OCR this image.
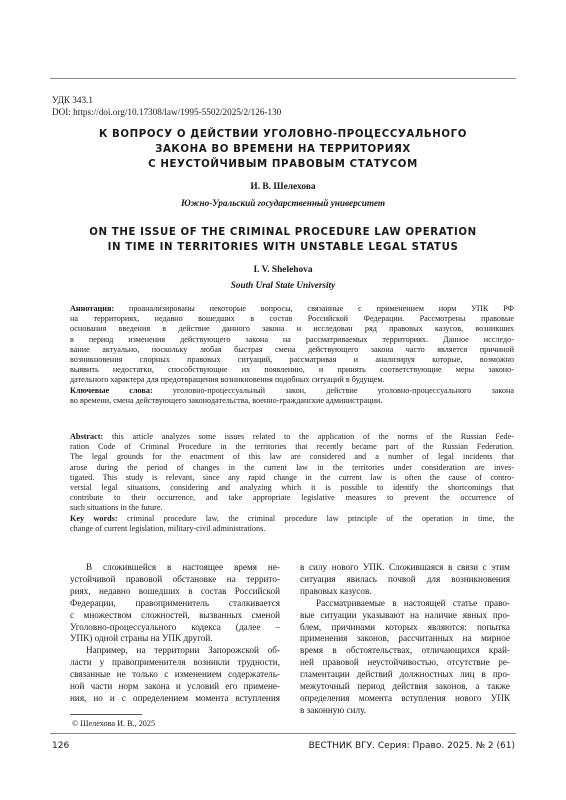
УДК 343.1
DOI: https://doi.org/10.17308/law/1995-5502/2025/2/126-130
К ВОПРОСУ О ДЕЙСТВИИ УГОЛОВНО-ПРОЦЕССУАЛЬНОГО
ЗАКОНА ВО ВРЕМЕНИ НА ТЕРРИТОРИЯХ
С НЕУСТОЙЧИВЫМ ПРАВОВЫМ СТАТУСОМ
И. В. Шелехова
Южно-Уральский государственный университет
ON THE ISSUE OF THE CRIMINAL PROCEDURE LAW OPERATION
IN TIME IN TERRITORIES WITH UNSTABLE LEGAL STATUS
I. V. Shelehova
South Ural State University
Аннотация: проанализированы некоторые вопросы, связанные с применением норм УПК РФ
на территориях, недавно вошедших в состав Российской Федерации. Рассмотрены правовые
основания введения в действие данного закона и исследован ряд правовых казусов, возникших
в период изменения действующего закона на рассматриваемых территориях. Данное исследо-
вание актуально, поскольку любая быстрая смена действующего закона часто является причиной
возникновения спорных правовых ситуаций, рассматривая и анализируя которые, возможно
выявить недостатки, способствующие их появлению, и принять соответствующие меры законо-
дательного характера для предотвращения возникновения подобных ситуаций в будущем.
Ключевые слова: уголовно-процессуальный закон, действие уголовно-процессуального закона
во времени, смена действующего законодательства, военно-гражданские администрации.
Abstract: this article analyzes some issues related to the application of the norms of the Russian Fede-
ration Code of Criminal Procedure in the territories that recently became part of the Russian Federation.
The legal grounds for the enactment of this law are considered and a number of legal incidents that
arose during the period of changes in the current law in the territories under consideration are inves-
tigated. This study is relevant, since any rapid change in the current law is often the cause of contro-
versial legal situations, considering and analyzing which it is possible to identify the shortcomings that
contribute to their occurrence, and take appropriate legislative measures to prevent the occurrence of
such situations in the future.
Key words: criminal procedure law, the criminal procedure law principle of the operation in time, the
change of current legislation, military-civil administrations.
В сложившейся в настоящее время не-
устойчивой правовой обстановке на террито-
риях, недавно вошедших в состав Российской
Федерации, правоприменитель сталкивается
с множеством сложностей, вызванных сменой
Уголовно-процессуального кодекса (далее –
УПК) одной страны на УПК другой.
Например, на территории Запорожской об-
ласти у правоприменителя возникли трудности,
связанные не только с изменением содержатель-
ной части норм закона и условий его примене-
ния, но и с определением момента вступления
в силу нового УПК. Сложившаяся в связи с этим
ситуация явилась почвой для возникновения
правовых казусов.
Рассматриваемые в настоящей статье право-
вые ситуации указывают на наличие явных про-
блем, причинами которых являются: попытка
применения законов, рассчитанных на мирное
время в обстоятельствах, отличающихся край-
ней правовой неустойчивостью, отсутствие ре-
гламентации действий должностных лиц в про-
межуточный период действия законов, а также
определения момента вступления нового УПК
в законную силу.
© Шелехова И. В., 2025
126	ВЕСТНИК ВГУ. Серия: Право. 2025. № 2 (61)
